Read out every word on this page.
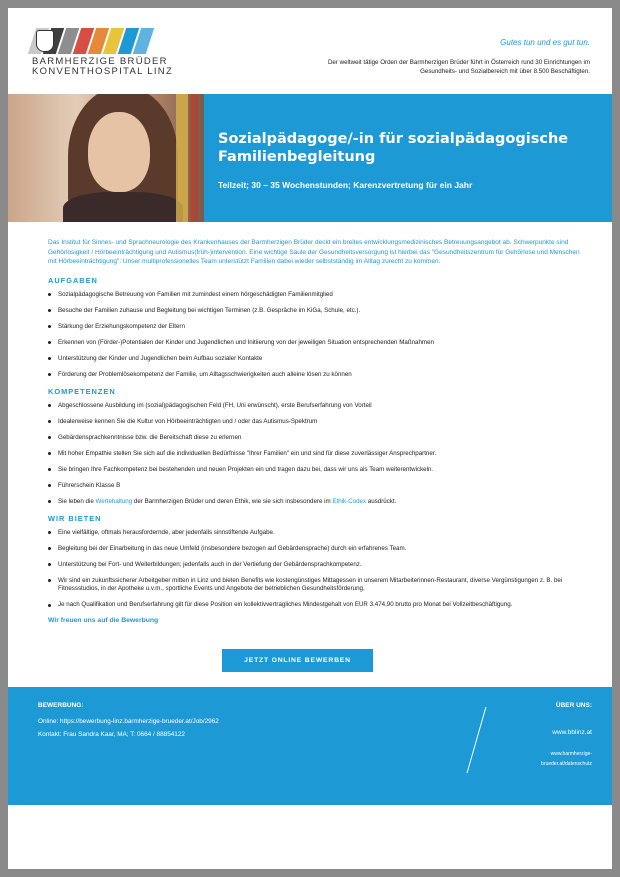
BARMHERZIGE BRÜDER
KONVENTHOSPITAL LINZ
Gutes tun und es gut tun.
Der weltweit tätige Orden der Barmherzigen Brüder führt in Österreich rund 30 Einrichtungen im Gesundheits- und Sozialbereich mit über 8.500 Beschäftigten.
Sozialpädagoge/-in für sozialpädagogische Familienbegleitung
Teilzeit; 30 – 35 Wochenstunden; Karenzvertretung für ein Jahr

Das Institut für Sinnes- und Sprachneurologie des Krankenhauses der Barmherzigen Brüder deckt ein breites entwicklungsmedizinisches Betreuungsangebot ab. Schwerpunkte sind Gehörlosigkeit / Hörbeeinträchtigung und Autismus(früh-)intervention. Eine wichtige Säule der Gesundheitsversorgung ist hierbei das "Gesundheitszentrum für Gehörlose und Menschen mit Hörbeeinträchtigung": Unser multiprofessionelles Team unterstützt Familien dabei wieder selbstständig im Alltag zurecht zu kommen.

AUFGABEN
Sozialpädagogische Betreuung von Familien mit zumindest einem hörgeschädigten Familienmitglied
Besuche der Familien zuhause und Begleitung bei wichtigen Terminen (z.B. Gespräche im KiGa, Schule, etc.).
Stärkung der Erziehungskompetenz der Eltern
Erkennen von (Förder-)Potentialen der Kinder und Jugendlichen und Initiierung von der jeweiligen Situation entsprechenden Maßnahmen
Unterstützung der Kinder und Jugendlichen beim Aufbau sozialer Kontakte
Förderung der Problemlösekompetenz der Familie, um Alltagsschwierigkeiten auch alleine lösen zu können
KOMPETENZEN
Abgeschlossene Ausbildung im (sozial)pädagogischen Feld (FH, Uni erwünscht), erste Berufserfahrung von Vorteil
Idealerweise kennen Sie die Kultur von Hörbeeinträchtigten und / oder das Autismus-Spektrum
Gebärdensprachkenntnisse bzw. die Bereitschaft diese zu erlernen
Mit hoher Empathie stellen Sie sich auf die individuellen Bedürfnisse "Ihrer Familien" ein und sind für diese zuverlässiger Ansprechpartner.
Sie bringen Ihre Fachkompetenz bei bestehenden und neuen Projekten ein und tragen dazu bei, dass wir uns als Team weiterentwickeln.
Führerschein Klasse B
Sie leben die Wertehaltung der Barmherzigen Brüder und deren Ethik, wie sie sich insbesondere im Ethik-Codex ausdrückt.
WIR BIETEN
Eine vielfältige, oftmals herausfordernde, aber jedenfalls sinnstiftende Aufgabe.
Begleitung bei der Einarbeitung in das neue Umfeld (insbesondere bezogen auf Gebärdensprache) durch ein erfahrenes Team.
Unterstützung bei Fort- und Weiterbildungen; jedenfalls auch in der Vertiefung der Gebärdensprachkompetenz.
Wir sind ein zukunftssicherer Arbeitgeber mitten in Linz und bieten Benefits wie kostengünstiges Mittagessen in unserem Mitarbeiterinnen-Restaurant, diverse Vergünstigungen z. B. bei Fitnessstudios, in der Apotheke u.v.m., sportliche Events und Angebote der betrieblichen Gesundheitsförderung.
Je nach Qualifikation und Berufserfahrung gilt für diese Position ein kollektivvertragliches Mindestgehalt von EUR 3.474,90 brutto pro Monat bei Vollzeitbeschäftigung.
Wir freuen uns auf die Bewerbung
JETZT ONLINE BEWERBEN
BEWERBUNG:
Online: https://bewerbung-linz.barmherzige-brueder.at/Job/2962
Kontakt: Frau Sandra Kaar, MA; T: 0664 / 88854122
ÜBER UNS:
www.bblinz.at
www.barmherzige-
brueder.at/datenschutz
